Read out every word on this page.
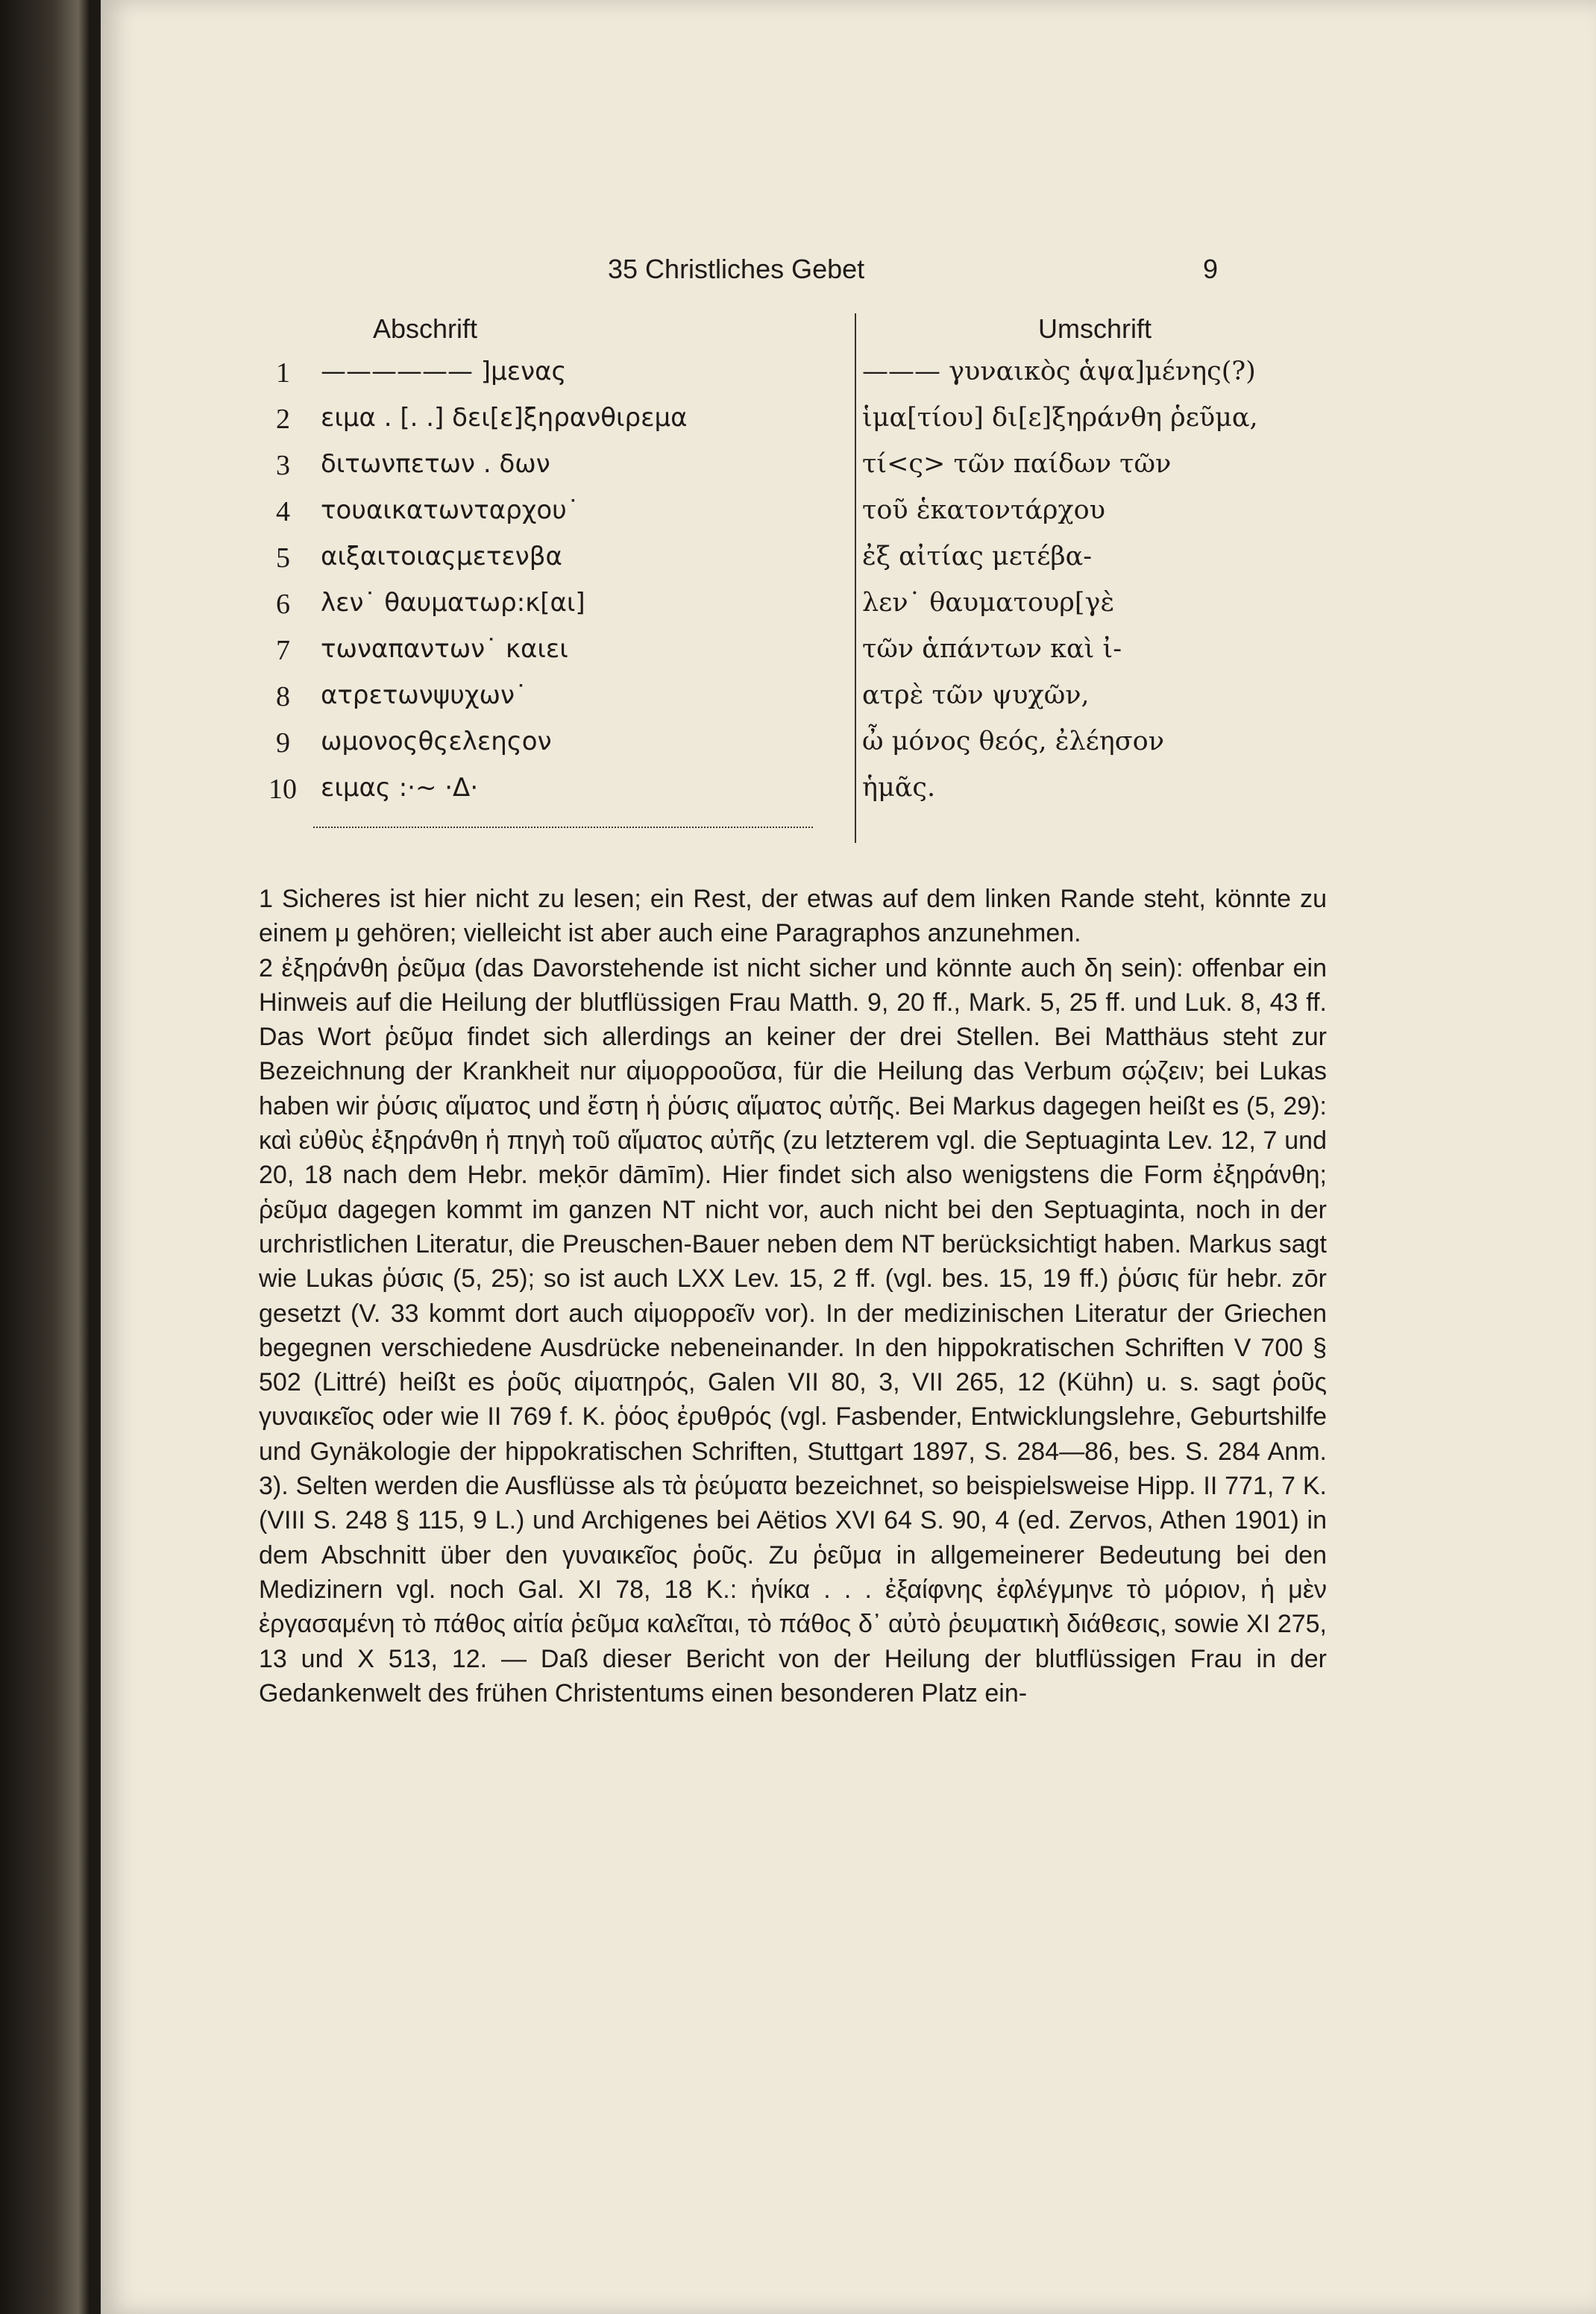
35 Christliches Gebet	9
Abschrift	Umschrift
1	—————— ]μενας	——— γυναικὸς ἁψα]μένης(?)
2	ειμα . [. .] δει[ε]ξηρανθιρεμα	ἱμα[τίου] δι[ε]ξηράνθη ῥεῦμα,
3	διτωνπετων . δων	τί<ς> τῶν παίδων τῶν
4	τουαικατωνταρχου˙	τοῦ ἑκατοντάρχου
5	αιξαιτοιαςμετενβα	ἐξ αἰτίας μετέβα-
6	λεν˙ θαυματωρ:κ[αι]	λεν˙ θαυματουρ[γὲ
7	τωναπαντων˙ καιει	τῶν ἁπάντων καὶ ἰ-
8	ατρετωνψυχων˙	ατρὲ τῶν ψυχῶν,
9	ωμονοςθςελεηςον	ὦ μόνος θεός, ἐλέησον
10 ειμας :·~ ·Δ·	ἡμᾶς.

1 Sicheres ist hier nicht zu lesen; ein Rest, der etwas auf dem linken Rande steht, könnte zu einem μ gehören; vielleicht ist aber auch eine Paragraphos anzunehmen.

2 ἐξηράνθη ῥεῦμα (das Davorstehende ist nicht sicher und könnte auch δη sein): offenbar ein Hinweis auf die Heilung der blutflüssigen Frau Matth. 9, 20 ff., Mark. 5, 25 ff. und Luk. 8, 43 ff. Das Wort ῥεῦμα findet sich allerdings an keiner der drei Stellen. Bei Matthäus steht zur Bezeichnung der Krankheit nur αἱμορροοῦσα, für die Heilung das Verbum σῴζειν; bei Lukas haben wir ῥύσις αἵματος und ἔστη ἡ ῥύσις αἵματος αὐτῆς. Bei Markus dagegen heißt es (5, 29): καὶ εὐθὺς ἐξηράνθη ἡ πηγὴ τοῦ αἵματος αὐτῆς (zu letzterem vgl. die Septuaginta Lev. 12, 7 und 20, 18 nach dem Hebr. meḳōr dāmīm). Hier findet sich also wenigstens die Form ἐξηράνθη; ῥεῦμα dagegen kommt im ganzen NT nicht vor, auch nicht bei den Septuaginta, noch in der urchristlichen Literatur, die Preuschen-Bauer neben dem NT berücksichtigt haben. Markus sagt wie Lukas ῥύσις (5, 25); so ist auch LXX Lev. 15, 2 ff. (vgl. bes. 15, 19 ff.) ῥύσις für hebr. zōr gesetzt (V. 33 kommt dort auch αἱμορροεῖν vor). In der medizinischen Literatur der Griechen begegnen verschiedene Ausdrücke nebeneinander. In den hippokratischen Schriften V 700 § 502 (Littré) heißt es ῥοῦς αἱματηρός, Galen VII 80, 3, VII 265, 12 (Kühn) u. s. sagt ῥοῦς γυναικεῖος oder wie II 769 f. K. ῥόος ἐρυθρός (vgl. Fasbender, Entwicklungslehre, Geburtshilfe und Gynäkologie der hippokratischen Schriften, Stuttgart 1897, S. 284—86, bes. S. 284 Anm. 3). Selten werden die Ausflüsse als τὰ ῥεύματα bezeichnet, so beispielsweise Hipp. II 771, 7 K. (VIII S. 248 § 115, 9 L.) und Archigenes bei Aëtios XVI 64 S. 90, 4 (ed. Zervos, Athen 1901) in dem Abschnitt über den γυναικεῖος ῥοῦς. Zu ῥεῦμα in allgemeinerer Bedeutung bei den Medizinern vgl. noch Gal. XI 78, 18 K.: ἡνίκα . . . ἐξαίφνης ἐφλέγμηνε τὸ μόριον, ἡ μὲν ἐργασαμένη τὸ πάθος αἰτία ῥεῦμα καλεῖται, τὸ πάθος δ᾽ αὐτὸ ῥευματικὴ διάθεσις, sowie XI 275, 13 und X 513, 12. — Daß dieser Bericht von der Heilung der blutflüssigen Frau in der Gedankenwelt des frühen Christentums einen besonderen Platz ein-
